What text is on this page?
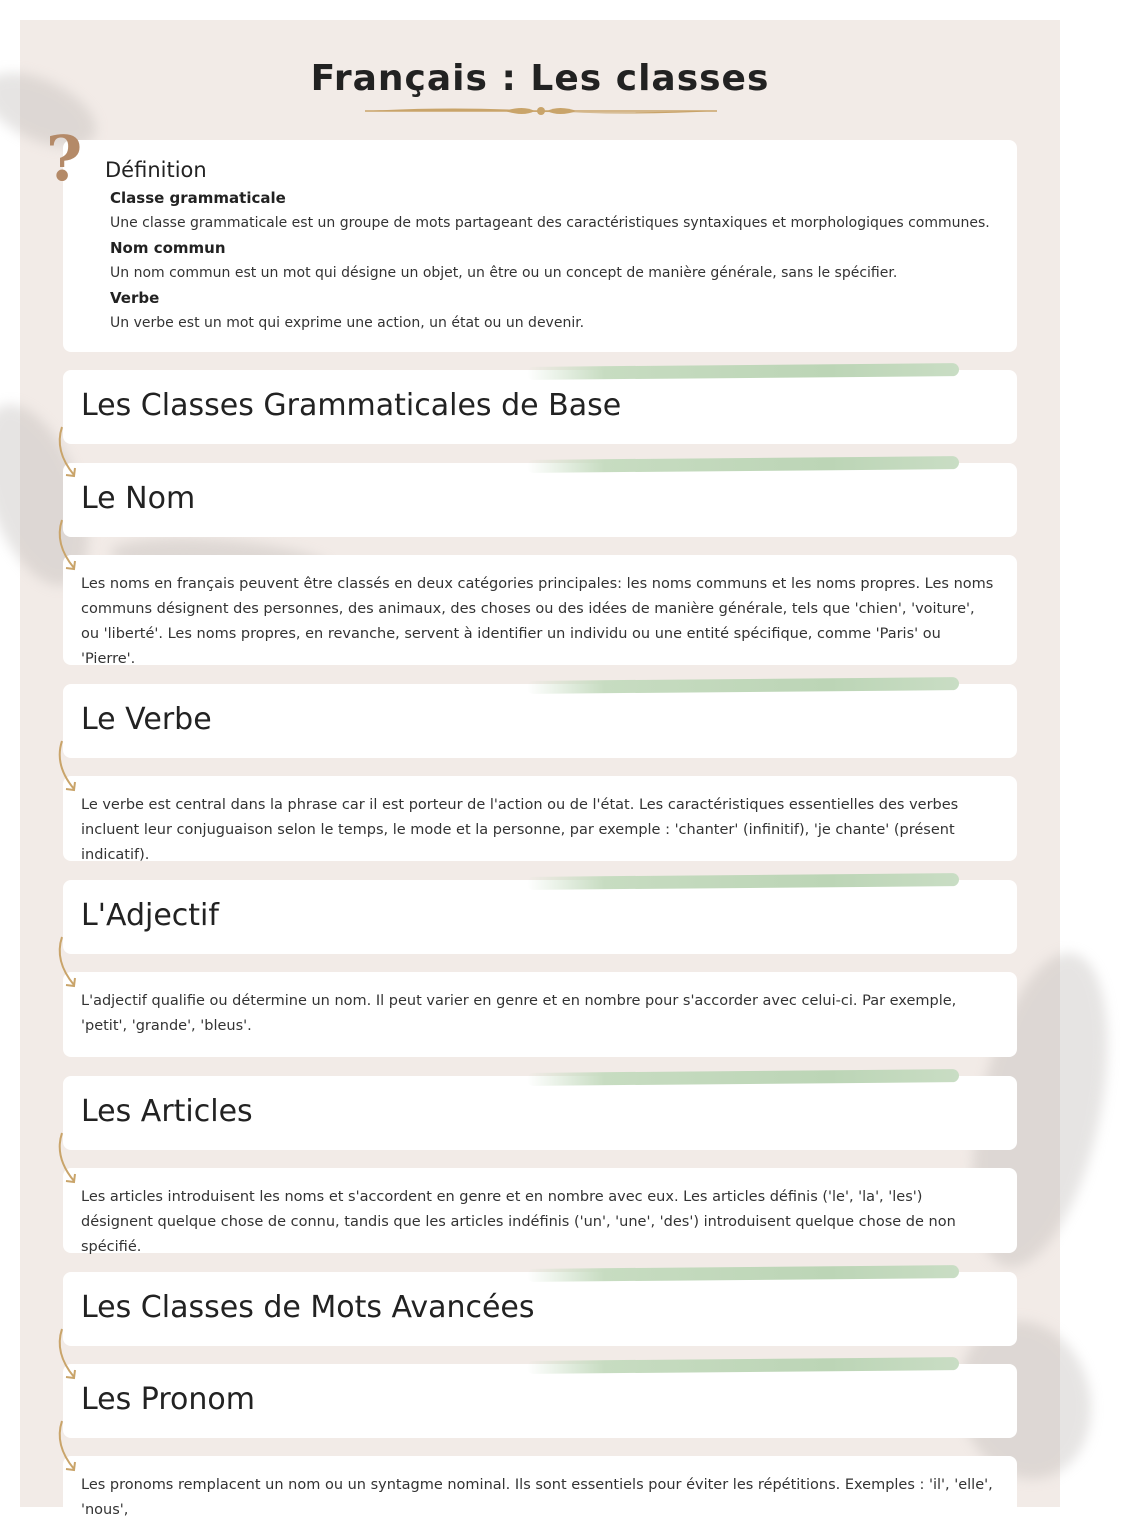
Français : Les classes
Définition
Classe grammaticale
Une classe grammaticale est un groupe de mots partageant des caractéristiques syntaxiques et morphologiques communes.
Nom commun
Un nom commun est un mot qui désigne un objet, un être ou un concept de manière générale, sans le spécifier.
Verbe
Un verbe est un mot qui exprime une action, un état ou un devenir.
?
Les Classes Grammaticales de Base
Le Nom

Les noms en français peuvent être classés en deux catégories principales: les noms communs et les noms propres. Les noms communs désignent des personnes, des animaux, des choses ou des idées de manière générale, tels que 'chien', 'voiture', ou 'liberté'. Les noms propres, en revanche, servent à identifier un individu ou une entité spécifique, comme 'Paris' ou 'Pierre'.

Le Verbe

Le verbe est central dans la phrase car il est porteur de l'action ou de l'état. Les caractéristiques essentielles des verbes incluent leur conjuguaison selon le temps, le mode et la personne, par exemple : 'chanter' (infinitif), 'je chante' (présent indicatif).

L'Adjectif

L'adjectif qualifie ou détermine un nom. Il peut varier en genre et en nombre pour s'accorder avec celui-ci. Par exemple, 'petit', 'grande', 'bleus'.

Les Articles

Les articles introduisent les noms et s'accordent en genre et en nombre avec eux. Les articles définis ('le', 'la', 'les') désignent quelque chose de connu, tandis que les articles indéfinis ('un', 'une', 'des') introduisent quelque chose de non spécifié.

Les Classes de Mots Avancées
Les Pronom

Les pronoms remplacent un nom ou un syntagme nominal. Ils sont essentiels pour éviter les répétitions. Exemples : 'il', 'elle', 'nous',
